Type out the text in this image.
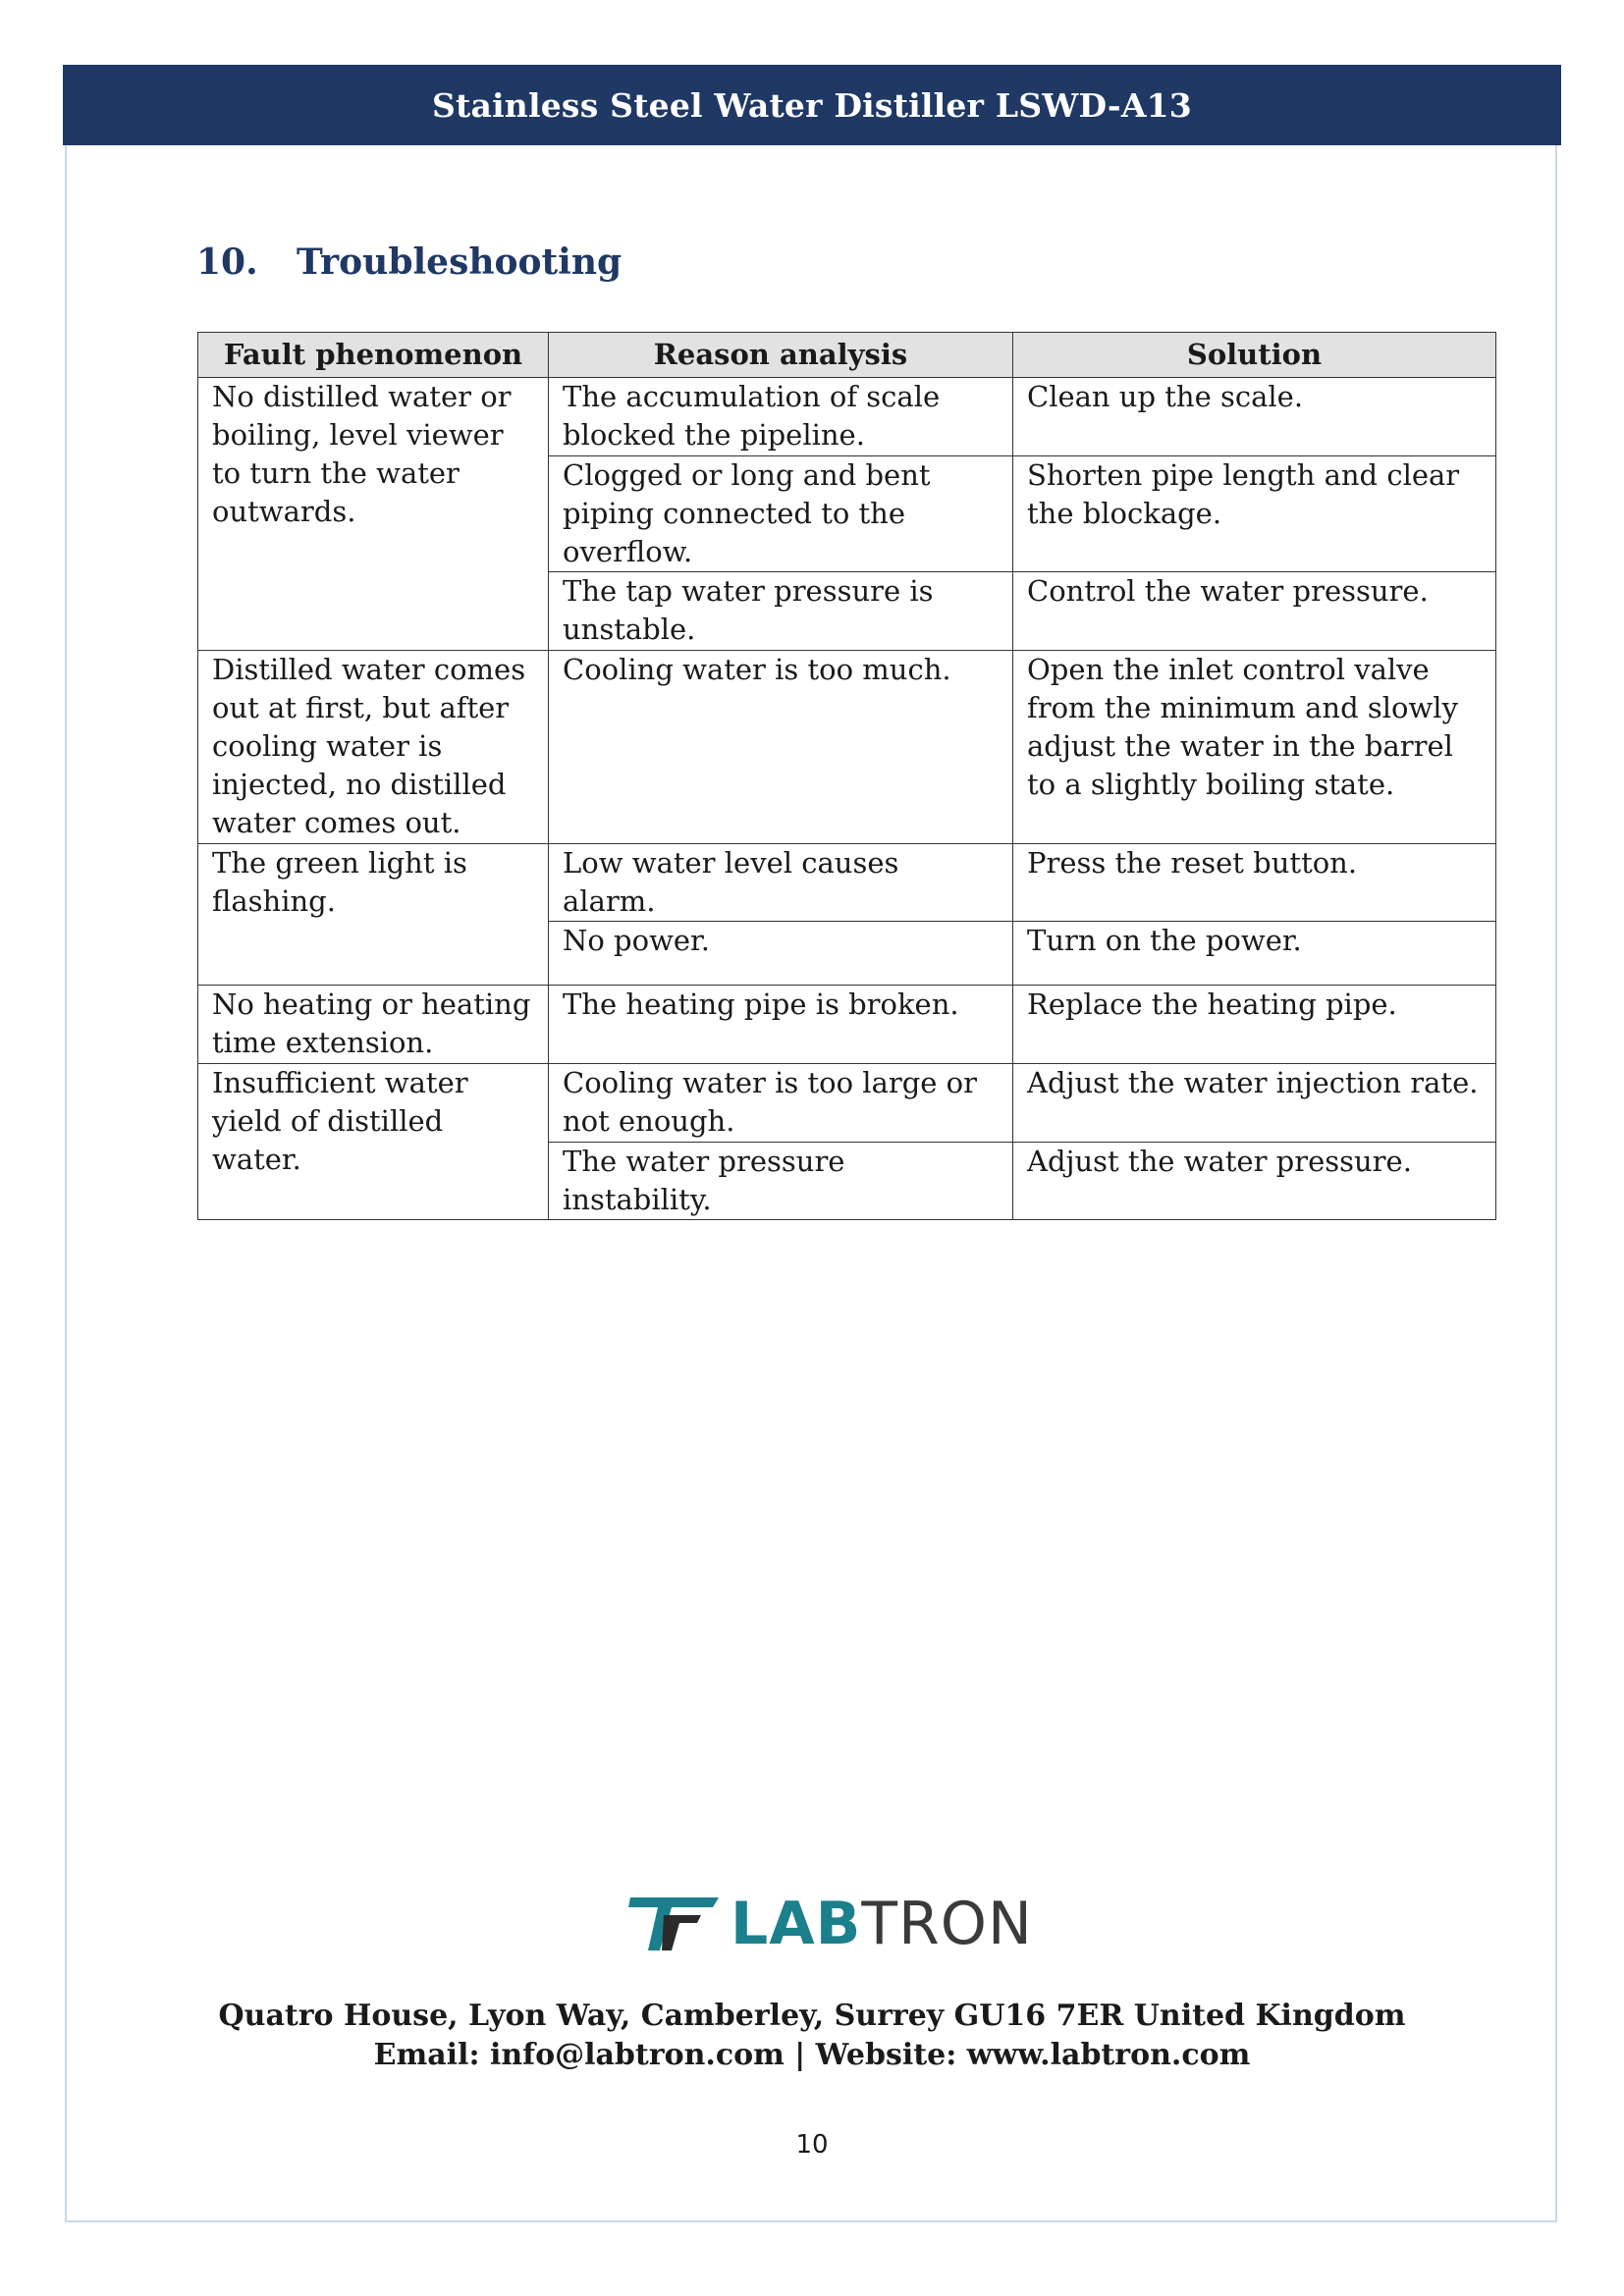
Stainless Steel Water Distiller LSWD-A13
10.	Troubleshooting
Fault phenomenon	Reason analysis	Solution
No distilled water or boiling, level viewer to turn the water outwards.	The accumulation of scale blocked the pipeline.	Clean up the scale.
	Clogged or long and bent piping connected to the overflow.	Shorten pipe length and clear the blockage.
	The tap water pressure is unstable.	Control the water pressure.
Distilled water comes out at first, but after cooling water is injected, no distilled water comes out.	Cooling water is too much.	Open the inlet control valve from the minimum and slowly adjust the water in the barrel to a slightly boiling state.
The green light is flashing.	Low water level causes alarm.	Press the reset button.
	No power.	Turn on the power.
No heating or heating time extension.	The heating pipe is broken.	Replace the heating pipe.
Insufficient water yield of distilled water.	Cooling water is too large or not enough.	Adjust the water injection rate.
	The water pressure instability.	Adjust the water pressure.
LABTRON
Quatro House, Lyon Way, Camberley, Surrey GU16 7ER United Kingdom
Email: info@labtron.com | Website: www.labtron.com
10
